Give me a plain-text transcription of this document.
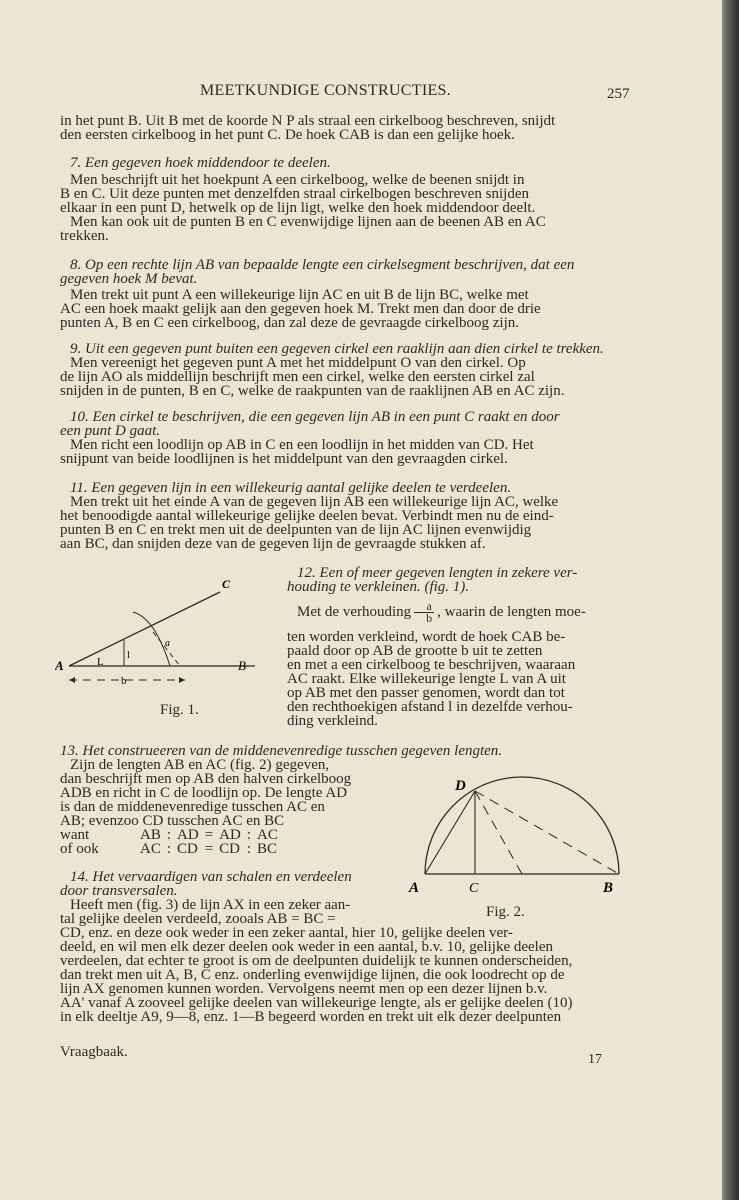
MEETKUNDIGE CONSTRUCTIES.	257

in het punt B. Uit B met de koorde N P als straal een cirkelboog beschreven, snijdt

den eersten cirkelboog in het punt C. De hoek CAB is dan een gelijke hoek.

7. Een gegeven hoek middendoor te deelen.

Men beschrijft uit het hoekpunt A een cirkelboog, welke de beenen snijdt in

B en C. Uit deze punten met denzelfden straal cirkelbogen beschreven snijden

elkaar in een punt D, hetwelk op de lijn ligt, welke den hoek middendoor deelt.

Men kan ook uit de punten B en C evenwijdige lijnen aan de beenen AB en AC

trekken.

8. Op een rechte lijn AB van bepaalde lengte een cirkelsegment beschrijven, dat een

gegeven hoek M bevat.

Men trekt uit punt A een willekeurige lijn AC en uit B de lijn BC, welke met

AC een hoek maakt gelijk aan den gegeven hoek M. Trekt men dan door de drie

punten A, B en C een cirkelboog, dan zal deze de gevraagde cirkelboog zijn.

9. Uit een gegeven punt buiten een gegeven cirkel een raaklijn aan dien cirkel te trekken.

Men vereenigt het gegeven punt A met het middelpunt O van den cirkel. Op

de lijn AO als middellijn beschrijft men een cirkel, welke den eersten cirkel zal

snijden in de punten, B en C, welke de raakpunten van de raaklijnen AB en AC zijn.

10. Een cirkel te beschrijven, die een gegeven lijn AB in een punt C raakt en door

een punt D gaat.

Men richt een loodlijn op AB in C en een loodlijn in het midden van CD. Het

snijpunt van beide loodlijnen is het middelpunt van den gevraagden cirkel.

11. Een gegeven lijn in een willekeurig aantal gelijke deelen te verdeelen.

Men trekt uit het einde A van de gegeven lijn AB een willekeurige lijn AC, welke

het benoodigde aantal willekeurige gelijke deelen bevat. Verbindt men nu de eind-

punten B en C en trekt men uit de deelpunten van de lijn AC lijnen evenwijdig

aan BC, dan snijden deze van de gegeven lijn de gevraagde stukken af.

A	B
C
L
l
a
b
Fig. 1.

12. Een of meer gegeven lengten in zekere ver-

houding te verkleinen. (fig. 1).

Met de verhouding $\frac{a}{b}$ , waarin de lengten moe-

ten worden verkleind, wordt de hoek CAB be-

paald door op AB de grootte b uit te zetten

en met a een cirkelboog te beschrijven, waaraan

AC raakt. Elke willekeurige lengte L van A uit

op AB met den passer genomen, wordt dan tot

den rechthoekigen afstand l in dezelfde verhou-

ding verkleind.

13. Het construeeren van de middenevenredige tusschen gegeven lengten.

Zijn de lengten AB en AC (fig. 2) gegeven,

dan beschrijft men op AB den halven cirkelboog

ADB en richt in C de loodlijn op. De lengte AD

is dan de middenevenredige tusschen AC en

AB; evenzoo CD tusschen AC en BC

want	AB	:	AD	=	AD	:	AC
of ook	AC	:	CD	=	CD	:	BC
D
A	C	B
Fig. 2.

14. Het vervaardigen van schalen en verdeelen

door transversalen.

Heeft men (fig. 3) de lijn AX in een zeker aan-

tal gelijke deelen verdeeld, zooals AB = BC =

CD, enz. en deze ook weder in een zeker aantal, hier 10, gelijke deelen ver-

deeld, en wil men elk dezer deelen ook weder in een aantal, b.v. 10, gelijke deelen

verdeelen, dat echter te groot is om de deelpunten duidelijk te kunnen onderscheiden,

dan trekt men uit A, B, C enz. onderling evenwijdige lijnen, die ook loodrecht op de

lijn AX genomen kunnen worden. Vervolgens neemt men op een dezer lijnen b.v.

AA' vanaf A zooveel gelijke deelen van willekeurige lengte, als er gelijke deelen (10)

in elk deeltje A9, 9—8, enz. 1—B begeerd worden en trekt uit elk dezer deelpunten

Vraagbaak.	17
